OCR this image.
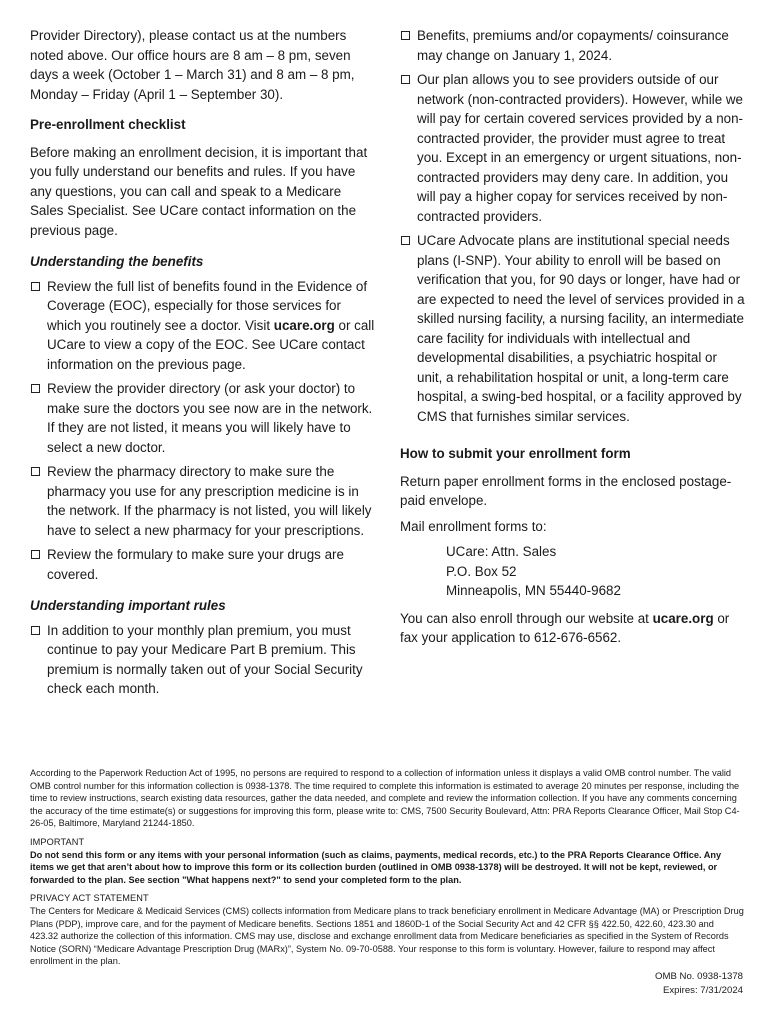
Provider Directory), please contact us at the numbers noted above. Our office hours are 8 am – 8 pm, seven days a week (October 1 – March 31) and 8 am – 8 pm, Monday – Friday (April 1 – September 30).

Pre-enrollment checklist

Before making an enrollment decision, it is important that you fully understand our benefits and rules. If you have any questions, you can call and speak to a Medicare Sales Specialist. See UCare contact information on the previous page.

Understanding the benefits

Review the full list of benefits found in the Evidence of Coverage (EOC), especially for those services for which you routinely see a doctor. Visit ucare.org or call UCare to view a copy of the EOC. See UCare contact information on the previous page.
Review the provider directory (or ask your doctor) to make sure the doctors you see now are in the network. If they are not listed, it means you will likely have to select a new doctor.
Review the pharmacy directory to make sure the pharmacy you use for any prescription medicine is in the network. If the pharmacy is not listed, you will likely have to select a new pharmacy for your prescriptions.
Review the formulary to make sure your drugs are covered.

Understanding important rules

In addition to your monthly plan premium, you must continue to pay your Medicare Part B premium. This premium is normally taken out of your Social Security check each month.
Benefits, premiums and/or copayments/ coinsurance may change on January 1, 2024.
Our plan allows you to see providers outside of our network (non-contracted providers). However, while we will pay for certain covered services provided by a non-contracted provider, the provider must agree to treat you. Except in an emergency or urgent situations, non-contracted providers may deny care. In addition, you will pay a higher copay for services received by non-contracted providers.
UCare Advocate plans are institutional special needs plans (I-SNP). Your ability to enroll will be based on verification that you, for 90 days or longer, have had or are expected to need the level of services provided in a skilled nursing facility, a nursing facility, an intermediate care facility for individuals with intellectual and developmental disabilities, a psychiatric hospital or unit, a rehabilitation hospital or unit, a long-term care hospital, a swing-bed hospital, or a facility approved by CMS that furnishes similar services.

How to submit your enrollment form

Return paper enrollment forms in the enclosed postage-paid envelope.

Mail enrollment forms to:

UCare: Attn. Sales

P.O. Box 52

Minneapolis, MN 55440-9682

You can also enroll through our website at ucare.org or fax your application to 612-676-6562.

According to the Paperwork Reduction Act of 1995, no persons are required to respond to a collection of information unless it displays a valid OMB control number. The valid OMB control number for this information collection is 0938-1378. The time required to complete this information is estimated to average 20 minutes per response, including the time to review instructions, search existing data resources, gather the data needed, and complete and review the information collection. If you have any comments concerning the accuracy of the time estimate(s) or suggestions for improving this form, please write to: CMS, 7500 Security Boulevard, Attn: PRA Reports Clearance Officer, Mail Stop C4-26-05, Baltimore, Maryland 21244-1850.

IMPORTANT

Do not send this form or any items with your personal information (such as claims, payments, medical records, etc.) to the PRA Reports Clearance Office. Any items we get that aren’t about how to improve this form or its collection burden (outlined in OMB 0938-1378) will be destroyed. It will not be kept, reviewed, or forwarded to the plan. See section "What happens next?" to send your completed form to the plan.

PRIVACY ACT STATEMENT

The Centers for Medicare & Medicaid Services (CMS) collects information from Medicare plans to track beneficiary enrollment in Medicare Advantage (MA) or Prescription Drug Plans (PDP), improve care, and for the payment of Medicare benefits. Sections 1851 and 1860D-1 of the Social Security Act and 42 CFR §§ 422.50, 422.60, 423.30 and 423.32 authorize the collection of this information. CMS may use, disclose and exchange enrollment data from Medicare beneficiaries as specified in the System of Records Notice (SORN) “Medicare Advantage Prescription Drug (MARx)”, System No. 09-70-0588. Your response to this form is voluntary. However, failure to respond may affect enrollment in the plan.

OMB No. 0938-1378
Expires: 7/31/2024
